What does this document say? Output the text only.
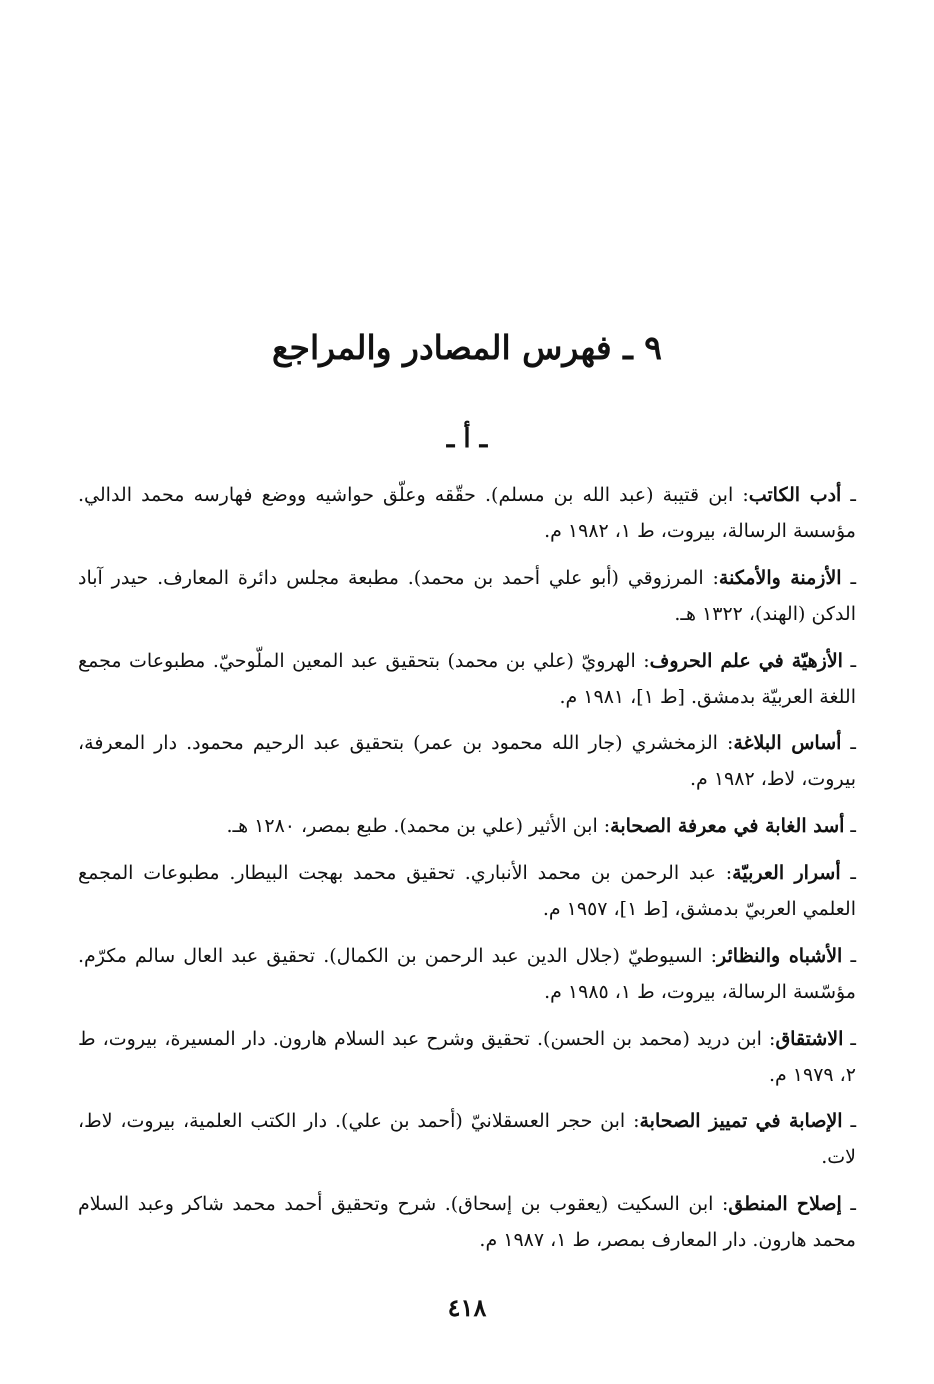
٩ ـ فهرس المصادر والمراجع
ـ أ ـ
ـ أدب الكاتب: ابن قتيبة (عبد الله بن مسلم). حقّقه وعلّق حواشيه ووضع فهارسه محمد الدالي. مؤسسة الرسالة، بيروت، ط ١، ١٩٨٢ م.
ـ الأزمنة والأمكنة: المرزوقي (أبو علي أحمد بن محمد). مطبعة مجلس دائرة المعارف. حيدر آباد الدكن (الهند)، ١٣٢٢ هـ.
ـ الأزهيّة في علم الحروف: الهرويّ (علي بن محمد) بتحقيق عبد المعين الملّوحيّ. مطبوعات مجمع اللغة العربيّة بدمشق. [ط ١]، ١٩٨١ م.
ـ أساس البلاغة: الزمخشري (جار الله محمود بن عمر) بتحقيق عبد الرحيم محمود. دار المعرفة، بيروت، لاط، ١٩٨٢ م.
ـ أسد الغابة في معرفة الصحابة: ابن الأثير (علي بن محمد). طبع بمصر، ١٢٨٠ هـ.
ـ أسرار العربيّة: عبد الرحمن بن محمد الأنباري. تحقيق محمد بهجت البيطار. مطبوعات المجمع العلمي العربيّ بدمشق، [ط ١]، ١٩٥٧ م.
ـ الأشباه والنظائر: السيوطيّ (جلال الدين عبد الرحمن بن الكمال). تحقيق عبد العال سالم مكرّم. مؤسّسة الرسالة، بيروت، ط ١، ١٩٨٥ م.
ـ الاشتقاق: ابن دريد (محمد بن الحسن). تحقيق وشرح عبد السلام هارون. دار المسيرة، بيروت، ط ٢، ١٩٧٩ م.
ـ الإصابة في تمييز الصحابة: ابن حجر العسقلانيّ (أحمد بن علي). دار الكتب العلمية، بيروت، لاط، لات.
ـ إصلاح المنطق: ابن السكيت (يعقوب بن إسحاق). شرح وتحقيق أحمد محمد شاكر وعبد السلام محمد هارون. دار المعارف بمصر، ط ١، ١٩٨٧ م.
٤١٨
